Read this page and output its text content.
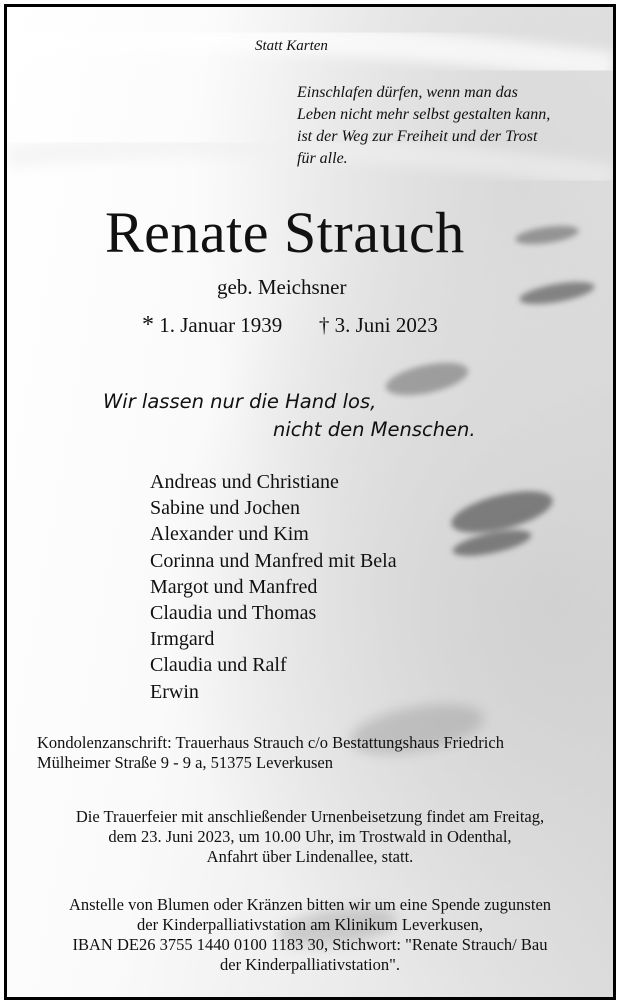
Statt Karten
Einschlafen dürfen, wenn man das
Leben nicht mehr selbst gestalten kann,
ist der Weg zur Freiheit und der Trost
für alle.
Renate Strauch
geb. Meichsner
* 1. Januar 1939 † 3. Juni 2023
Wir lassen nur die Hand los,
nicht den Menschen.
Andreas und Christiane
Sabine und Jochen
Alexander und Kim
Corinna und Manfred mit Bela
Margot und Manfred
Claudia und Thomas
Irmgard
Claudia und Ralf
Erwin
Kondolenzanschrift: Trauerhaus Strauch c/o Bestattungshaus Friedrich
Mülheimer Straße 9 - 9 a, 51375 Leverkusen
Die Trauerfeier mit anschließender Urnenbeisetzung findet am Freitag,
dem 23. Juni 2023, um 10.00 Uhr, im Trostwald in Odenthal,
Anfahrt über Lindenallee, statt.
Anstelle von Blumen oder Kränzen bitten wir um eine Spende zugunsten
der Kinderpalliativstation am Klinikum Leverkusen,
IBAN DE26 3755 1440 0100 1183 30, Stichwort: "Renate Strauch/ Bau
der Kinderpalliativstation".
